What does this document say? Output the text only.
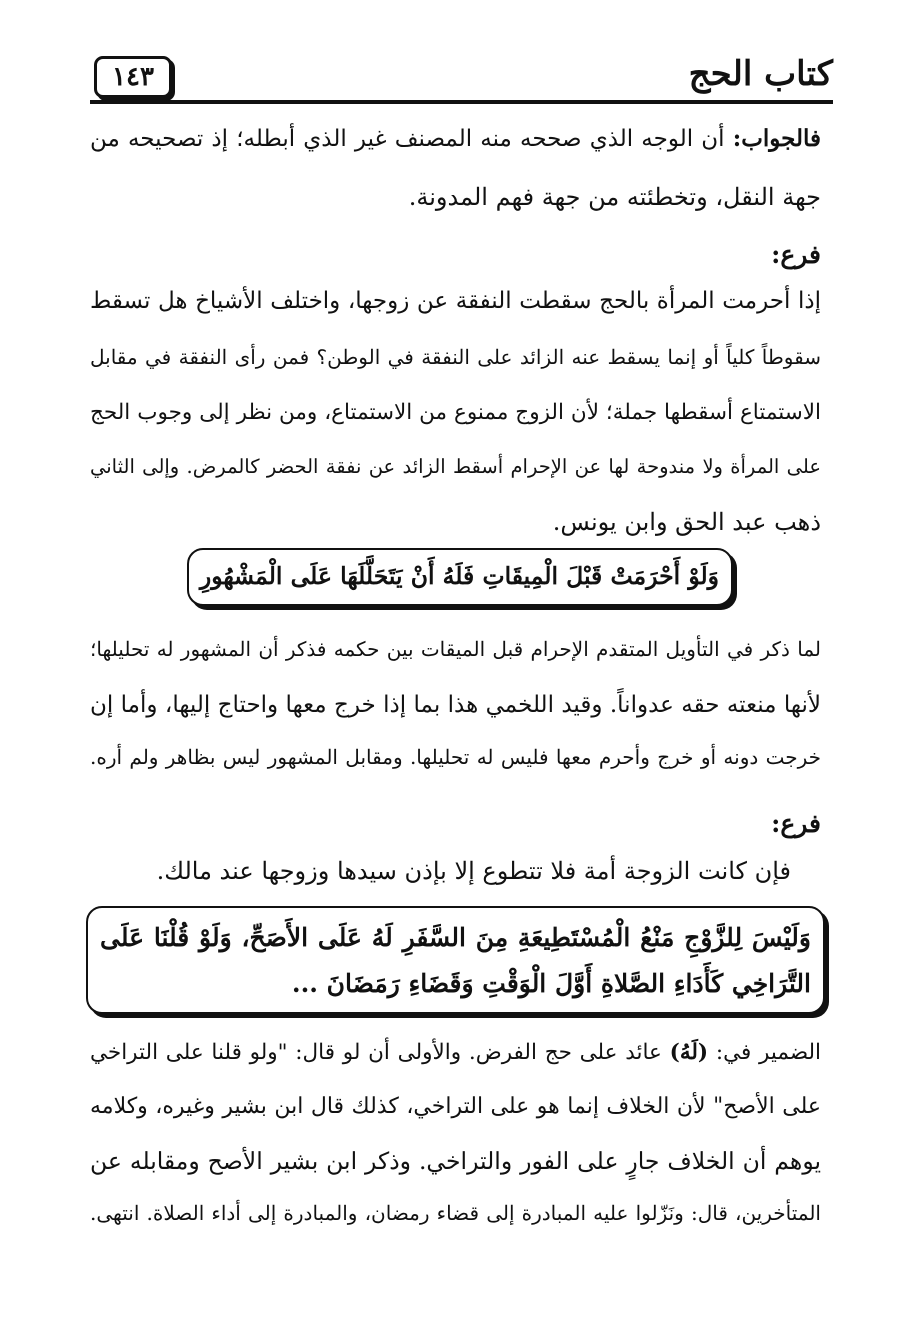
كتاب الحج
١٤٣
فالجواب: أن الوجه الذي صححه منه المصنف غير الذي أبطله؛ إذ تصحيحه من
جهة النقل، وتخطئته من جهة فهم المدونة.
فرع:
إذا أحرمت المرأة بالحج سقطت النفقة عن زوجها، واختلف الأشياخ هل تسقط
سقوطاً كلياً أو إنما يسقط عنه الزائد على النفقة في الوطن؟ فمن رأى النفقة في مقابل
الاستمتاع أسقطها جملة؛ لأن الزوج ممنوع من الاستمتاع، ومن نظر إلى وجوب الحج
على المرأة ولا مندوحة لها عن الإحرام أسقط الزائد عن نفقة الحضر كالمرض. وإلى الثاني
ذهب عبد الحق وابن يونس.
وَلَوْ أَحْرَمَتْ قَبْلَ الْمِيقَاتِ فَلَهُ أَنْ يَتَحَلَّلَهَا عَلَى الْمَشْهُورِ
لما ذكر في التأويل المتقدم الإحرام قبل الميقات بين حكمه فذكر أن المشهور له تحليلها؛
لأنها منعته حقه عدواناً. وقيد اللخمي هذا بما إذا خرج معها واحتاج إليها، وأما إن
خرجت دونه أو خرج وأحرم معها فليس له تحليلها. ومقابل المشهور ليس بظاهر ولم أره.
فرع:
فإن كانت الزوجة أمة فلا تتطوع إلا بإذن سيدها وزوجها عند مالك.
وَلَيْسَ لِلزَّوْجِ مَنْعُ الْمُسْتَطِيعَةِ مِنَ السَّفَرِ لَهُ عَلَى الأَصَحِّ، وَلَوْ قُلْنَا عَلَى
التَّرَاخِي كَأَدَاءِ الصَّلاةِ أَوَّلَ الْوَقْتِ وَقَضَاءِ رَمَضَانَ ...
الضمير في: (لَهُ) عائد على حج الفرض. والأولى أن لو قال: "ولو قلنا على التراخي
على الأصح" لأن الخلاف إنما هو على التراخي، كذلك قال ابن بشير وغيره، وكلامه
يوهم أن الخلاف جارٍ على الفور والتراخي. وذكر ابن بشير الأصح ومقابله عن
المتأخرين، قال: ونَزّلوا عليه المبادرة إلى قضاء رمضان، والمبادرة إلى أداء الصلاة. انتهى.
